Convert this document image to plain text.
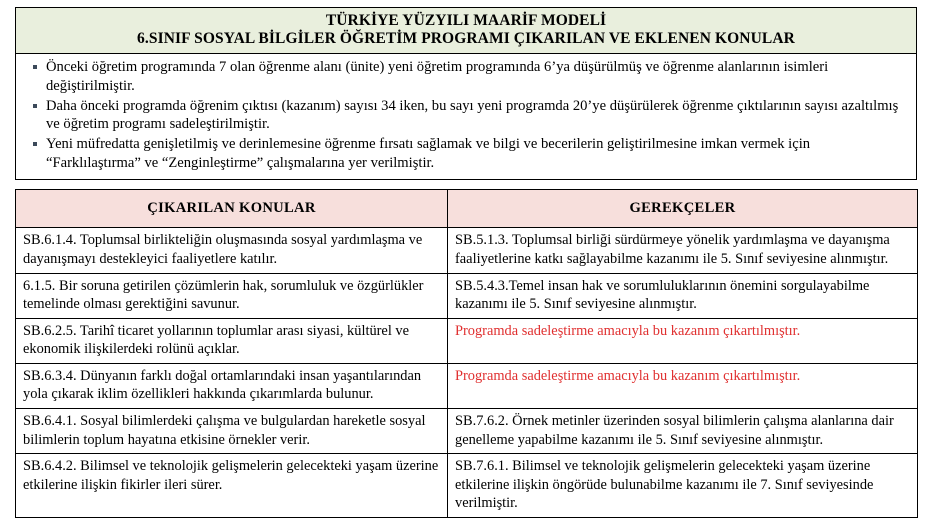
TÜRKİYE YÜZYILI MAARİF MODELİ
6.SINIF SOSYAL BİLGİLER ÖĞRETİM PROGRAMI ÇIKARILAN VE EKLENEN KONULAR
Önceki öğretim programında 7 olan öğrenme alanı (ünite) yeni öğretim programında 6’ya düşürülmüş ve öğrenme alanlarının isimleri değiştirilmiştir.
Daha önceki programda öğrenim çıktısı (kazanım) sayısı 34 iken, bu sayı yeni programda 20’ye düşürülerek öğrenme çıktılarının sayısı azaltılmış ve öğretim programı sadeleştirilmiştir.
Yeni müfredatta genişletilmiş ve derinlemesine öğrenme fırsatı sağlamak ve bilgi ve becerilerin geliştirilmesine imkan vermek için “Farklılaştırma” ve “Zenginleştirme” çalışmalarına yer verilmiştir.
ÇIKARILAN KONULAR	GEREKÇELER

SB.6.1.4. Toplumsal birlikteliğin oluşmasında sosyal yardımlaşma ve dayanışmayı destekleyici faaliyetlere katılır.	SB.5.1.3. Toplumsal birliği sürdürmeye yönelik yardımlaşma ve dayanışma faaliyetlerine katkı sağlayabilme kazanımı ile 5. Sınıf seviyesine alınmıştır.

6.1.5. Bir soruna getirilen çözümlerin hak, sorumluluk ve özgürlükler temelinde olması gerektiğini savunur.	SB.5.4.3.Temel insan hak ve sorumluluklarının önemini sorgulayabilme kazanımı ile 5. Sınıf seviyesine alınmıştır.

SB.6.2.5. Tarihî ticaret yollarının toplumlar arası siyasi, kültürel ve ekonomik ilişkilerdeki rolünü açıklar.	Programda sadeleştirme amacıyla bu kazanım çıkartılmıştır.

SB.6.3.4. Dünyanın farklı doğal ortamlarındaki insan yaşantılarından yola çıkarak iklim özellikleri hakkında çıkarımlarda bulunur.	Programda sadeleştirme amacıyla bu kazanım çıkartılmıştır.

SB.6.4.1. Sosyal bilimlerdeki çalışma ve bulgulardan hareketle sosyal bilimlerin toplum hayatına etkisine örnekler verir.	SB.7.6.2. Örnek metinler üzerinden sosyal bilimlerin çalışma alanlarına dair genelleme yapabilme kazanımı ile 5. Sınıf seviyesine alınmıştır.

SB.6.4.2. Bilimsel ve teknolojik gelişmelerin gelecekteki yaşam üzerine etkilerine ilişkin fikirler ileri sürer.	SB.7.6.1. Bilimsel ve teknolojik gelişmelerin gelecekteki yaşam üzerine etkilerine ilişkin öngörüde bulunabilme kazanımı ile 7. Sınıf seviyesinde verilmiştir.
